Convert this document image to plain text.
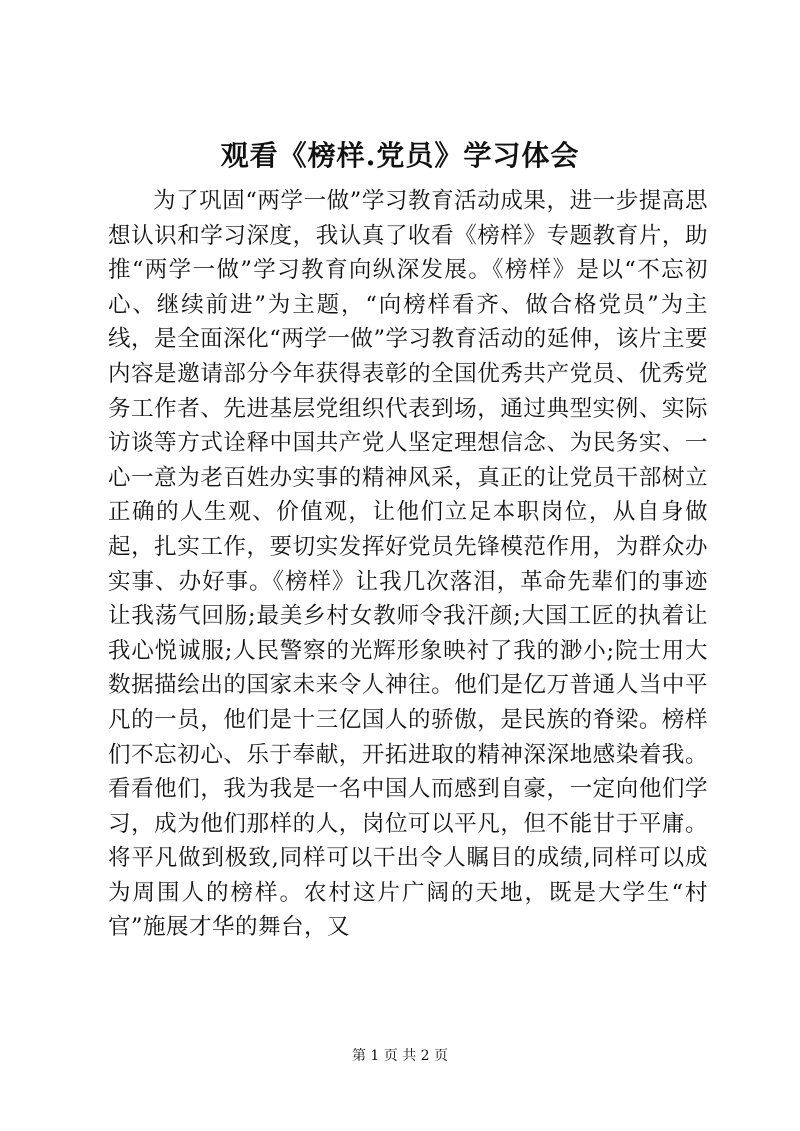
观看《榜样.党员》学习体会

为了巩固“两学一做”学习教育活动成果，进一步提高思想认识和学习深度，我认真了收看《榜样》专题教育片，助推“两学一做”学习教育向纵深发展。《榜样》是以“不忘初心、继续前进”为主题，“向榜样看齐、做合格党员”为主线，是全面深化“两学一做”学习教育活动的延伸，该片主要内容是邀请部分今年获得表彰的全国优秀共产党员、优秀党务工作者、先进基层党组织代表到场，通过典型实例、实际访谈等方式诠释中国共产党人坚定理想信念、为民务实、一心一意为老百姓办实事的精神风采，真正的让党员干部树立正确的人生观、价值观，让他们立足本职岗位，从自身做起，扎实工作，要切实发挥好党员先锋模范作用，为群众办实事、办好事。《榜样》让我几次落泪，革命先辈们的事迹让我荡气回肠;最美乡村女教师令我汗颜;大国工匠的执着让我心悦诚服;人民警察的光辉形象映衬了我的渺小;院士用大数据描绘出的国家未来令人神往。他们是亿万普通人当中平凡的一员，他们是十三亿国人的骄傲，是民族的脊梁。榜样们不忘初心、乐于奉献，开拓进取的精神深深地感染着我。看看他们，我为我是一名中国人而感到自豪，一定向他们学习，成为他们那样的人，岗位可以平凡，但不能甘于平庸。将平凡做到极致,同样可以干出令人瞩目的成绩,同样可以成为周围人的榜样。农村这片广阔的天地，既是大学生“村官”施展才华的舞台，又

第 1 页 共 2 页
